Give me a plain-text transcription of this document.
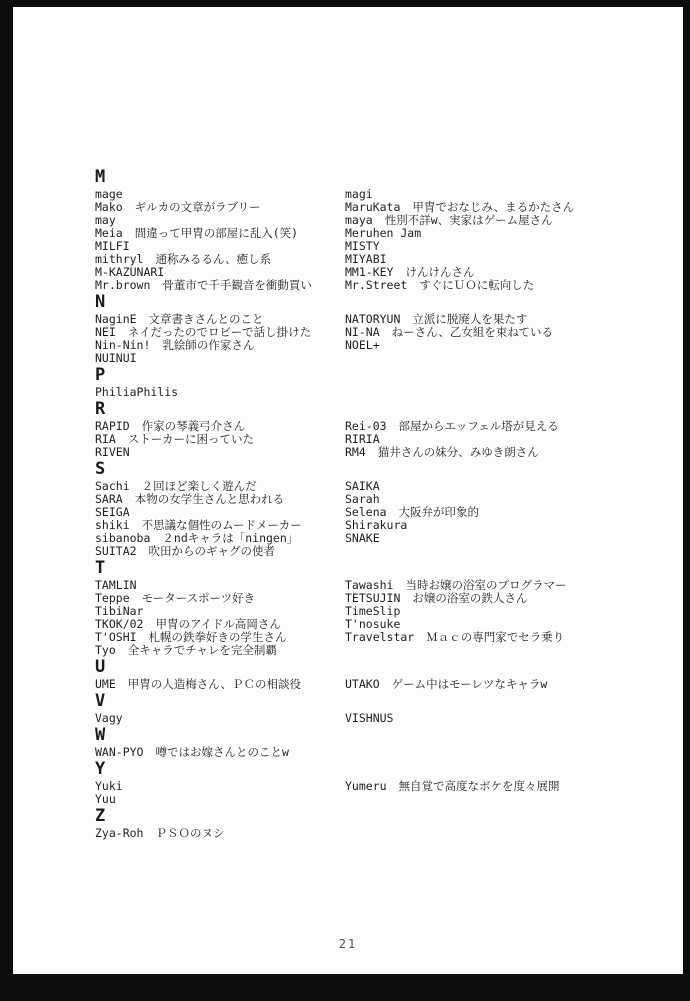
M
mage	magi
Mako ギルカの文章がラブリー	MaruKata 甲冑でおなじみ、まるかたさん
may	maya 性別不詳w、実家はゲーム屋さん
Meia 間違って甲冑の部屋に乱入(笑)	Meruhen Jam
MILFI	MISTY
mithryl 通称みるるん、癒し系	MIYABI
M-KAZUNARI	MM1-KEY けんけんさん
Mr.brown 骨董市で千手観音を衝動買い	Mr.Street すぐにＵＯに転向した
N
NaginE 文章書きさんとのこと	NATORYUN 立派に脱廃人を果たす
NEI ネイだったのでロビーで話し掛けた	NI-NA ねーさん、乙女組を束ねている
Nin-Nin! 乳絵師の作家さん	NOEL+
NUINUI
P
PhiliaPhilis
R
RAPID 作家の琴義弓介さん	Rei-03 部屋からエッフェル塔が見える
RIA ストーカーに困っていた	RIRIA
RIVEN	RM4 猫井さんの妹分、みゆき朗さん
S
Sachi ２回ほど楽しく遊んだ	SAIKA
SARA 本物の女学生さんと思われる	Sarah
SEIGA	Selena 大阪弁が印象的
shiki 不思議な個性のムードメーカー	Shirakura
sibanoba ２ndキャラは「ningen」	SNAKE
SUITA2 吹田からのギャグの使者
T
TAMLIN	Tawashi 当時お嬢の浴室のプログラマー
Teppe モータースポーツ好き	TETSUJIN お嬢の浴室の鉄人さん
TibiNar	TimeSlip
TKOK/02 甲冑のアイドル高岡さん	T'nosuke
T'OSHI 札幌の鉄拳好きの学生さん	Travelstar Ｍａｃの専門家でセラ乗り
Tyo 全キャラでチャレを完全制覇
U
UME 甲冑の人造梅さん、ＰＣの相談役	UTAKO ゲーム中はモーレツなキャラw
V
Vagy	VISHNUS
W
WAN-PYO 噂ではお嫁さんとのことw
Y
Yuki	Yumeru 無自覚で高度なボケを度々展開
Yuu
Z
Zya-Roh ＰＳＯのヌシ
21
